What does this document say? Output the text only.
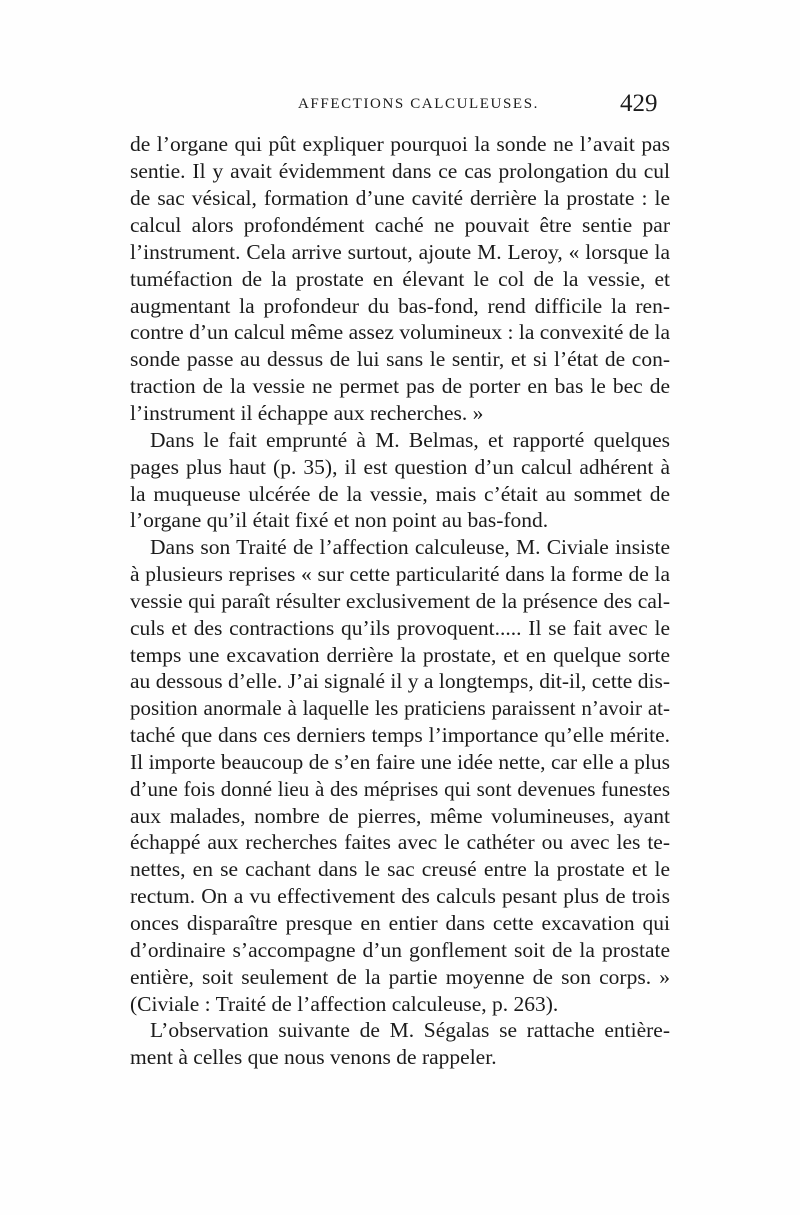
AFFECTIONS CALCULEUSES.	429
de l’organe qui pût expliquer pourquoi la sonde ne l’avait pas
sentie. Il y avait évidemment dans ce cas prolongation du cul
de sac vésical, formation d’une cavité derrière la prostate : le
calcul alors profondément caché ne pouvait être sentie par
l’instrument. Cela arrive surtout, ajoute M. Leroy, « lorsque la
tuméfaction de la prostate en élevant le col de la vessie, et
augmentant la profondeur du bas-fond, rend difficile la ren-
contre d’un calcul même assez volumineux : la convexité de la
sonde passe au dessus de lui sans le sentir, et si l’état de con-
traction de la vessie ne permet pas de porter en bas le bec de
l’instrument il échappe aux recherches. »
Dans le fait emprunté à M. Belmas, et rapporté quelques
pages plus haut (p. 35), il est question d’un calcul adhérent à
la muqueuse ulcérée de la vessie, mais c’était au sommet de
l’organe qu’il était fixé et non point au bas-fond.
Dans son Traité de l’affection calculeuse, M. Civiale insiste
à plusieurs reprises « sur cette particularité dans la forme de la
vessie qui paraît résulter exclusivement de la présence des cal-
culs et des contractions qu’ils provoquent..... Il se fait avec le
temps une excavation derrière la prostate, et en quelque sorte
au dessous d’elle. J’ai signalé il y a longtemps, dit-il, cette dis-
position anormale à laquelle les praticiens paraissent n’avoir at-
taché que dans ces derniers temps l’importance qu’elle mérite.
Il importe beaucoup de s’en faire une idée nette, car elle a plus
d’une fois donné lieu à des méprises qui sont devenues funestes
aux malades, nombre de pierres, même volumineuses, ayant
échappé aux recherches faites avec le cathéter ou avec les te-
nettes, en se cachant dans le sac creusé entre la prostate et le
rectum. On a vu effectivement des calculs pesant plus de trois
onces disparaître presque en entier dans cette excavation qui
d’ordinaire s’accompagne d’un gonflement soit de la prostate
entière, soit seulement de la partie moyenne de son corps. »
(Civiale : Traité de l’affection calculeuse, p. 263).
L’observation suivante de M. Ségalas se rattache entière-
ment à celles que nous venons de rappeler.
